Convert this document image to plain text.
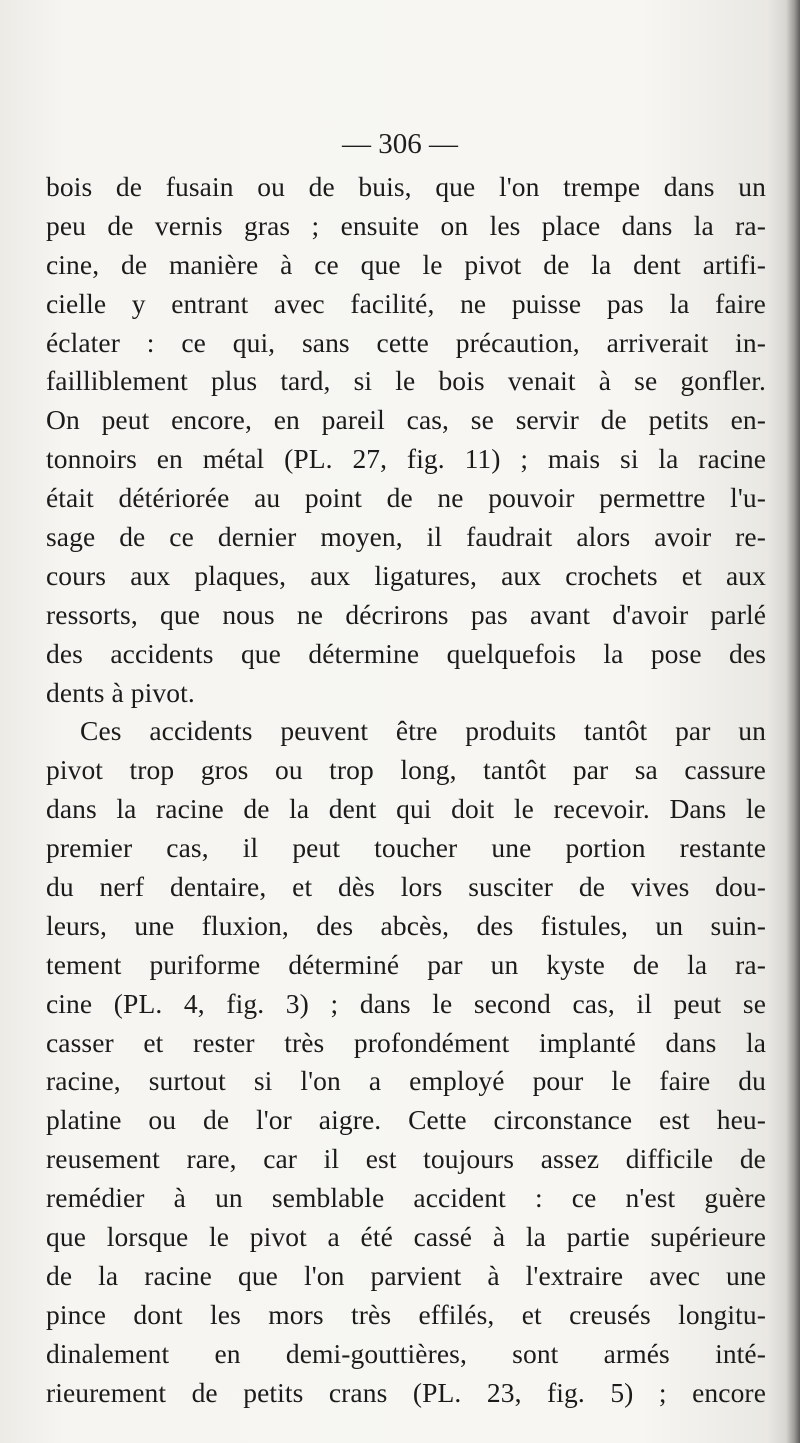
— 306 —
bois de fusain ou de buis, que l'on trempe dans un
peu de vernis gras ; ensuite on les place dans la ra-
cine, de manière à ce que le pivot de la dent artifi-
cielle y entrant avec facilité, ne puisse pas la faire
éclater : ce qui, sans cette précaution, arriverait in-
failliblement plus tard, si le bois venait à se gonfler.
On peut encore, en pareil cas, se servir de petits en-
tonnoirs en métal (PL. 27, fig. 11) ; mais si la racine
était détériorée au point de ne pouvoir permettre l'u-
sage de ce dernier moyen, il faudrait alors avoir re-
cours aux plaques, aux ligatures, aux crochets et aux
ressorts, que nous ne décrirons pas avant d'avoir parlé
des accidents que détermine quelquefois la pose des
dents à pivot.
Ces accidents peuvent être produits tantôt par un
pivot trop gros ou trop long, tantôt par sa cassure
dans la racine de la dent qui doit le recevoir. Dans le
premier cas, il peut toucher une portion restante
du nerf dentaire, et dès lors susciter de vives dou-
leurs, une fluxion, des abcès, des fistules, un suin-
tement puriforme déterminé par un kyste de la ra-
cine (PL. 4, fig. 3) ; dans le second cas, il peut se
casser et rester très profondément implanté dans la
racine, surtout si l'on a employé pour le faire du
platine ou de l'or aigre. Cette circonstance est heu-
reusement rare, car il est toujours assez difficile de
remédier à un semblable accident : ce n'est guère
que lorsque le pivot a été cassé à la partie supérieure
de la racine que l'on parvient à l'extraire avec une
pince dont les mors très effilés, et creusés longitu-
dinalement en demi-gouttières, sont armés inté-
rieurement de petits crans (PL. 23, fig. 5) ; encore
